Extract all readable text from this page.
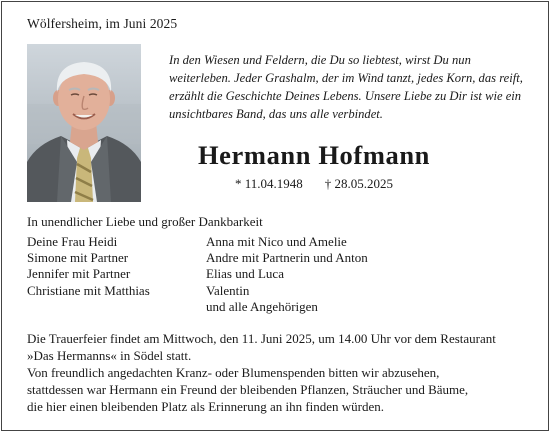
Wölfersheim, im Juni 2025
In den Wiesen und Feldern, die Du so liebtest, wirst Du nun
weiterleben. Jeder Grashalm, der im Wind tanzt, jedes Korn, das reift,
erzählt die Geschichte Deines Lebens. Unsere Liebe zu Dir ist wie ein
unsichtbares Band, das uns alle verbindet.
Hermann Hofmann
* 11.04.1948 † 28.05.2025
In unendlicher Liebe und großer Dankbarkeit
Deine Frau Heidi
Simone mit Partner
Jennifer mit Partner
Christiane mit Matthias
Anna mit Nico und Amelie
Andre mit Partnerin und Anton
Elias und Luca
Valentin
und alle Angehörigen
Die Trauerfeier findet am Mittwoch, den 11. Juni 2025, um 14.00 Uhr vor dem Restaurant
»Das Hermanns« in Södel statt.
Von freundlich angedachten Kranz- oder Blumenspenden bitten wir abzusehen,
stattdessen war Hermann ein Freund der bleibenden Pflanzen, Sträucher und Bäume,
die hier einen bleibenden Platz als Erinnerung an ihn finden würden.
